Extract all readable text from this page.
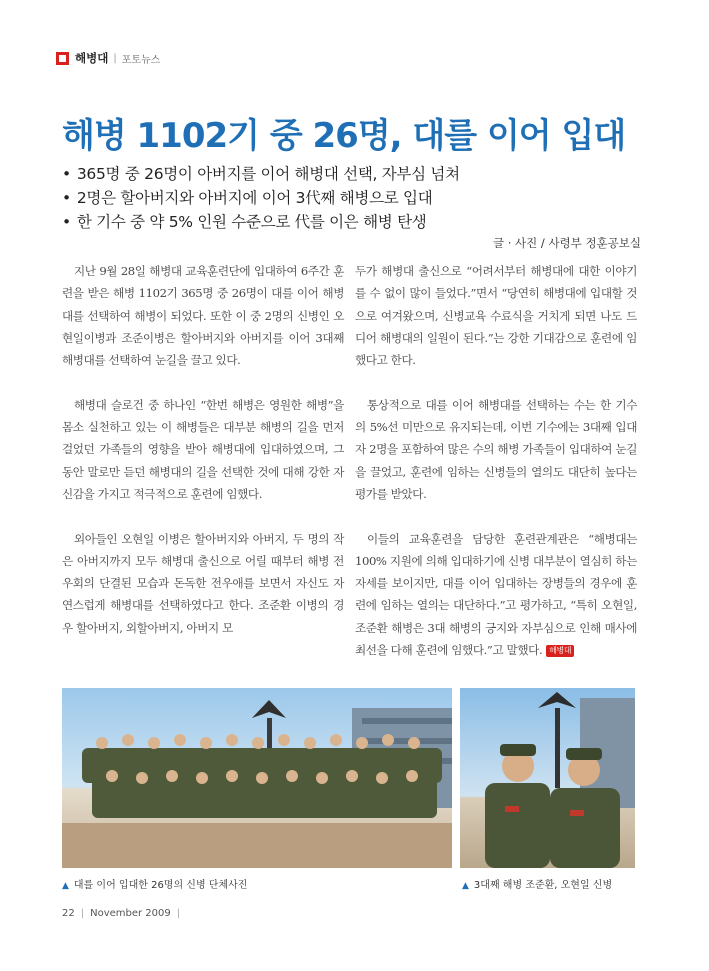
해병대 | 포토뉴스
해병 1102기 중 26명, 대를 이어 입대
• 365명 중 26명이 아버지를 이어 해병대 선택, 자부심 넘쳐
• 2명은 할아버지와 아버지에 이어 3代째 해병으로 입대
• 한 기수 중 약 5% 인원 수준으로 代를 이은 해병 탄생
글 · 사진 / 사령부 정훈공보실

지난 9월 28일 해병대 교육훈련단에 입대하여 6주간 훈련을 받은 해병 1102기 365명 중 26명이 대를 이어 해병대를 선택하여 해병이 되었다. 또한 이 중 2명의 신병인 오현일이병과 조준이병은 할아버지와 아버지를 이어 3대째 해병대를 선택하여 눈길을 끌고 있다.

해병대 슬로건 중 하나인 “한번 해병은 영원한 해병”을 몸소 실천하고 있는 이 해병들은 대부분 해병의 길을 먼저 걸었던 가족들의 영향을 받아 해병대에 입대하였으며, 그동안 말로만 듣던 해병대의 길을 선택한 것에 대해 강한 자신감을 가지고 적극적으로 훈련에 임했다.

외아들인 오현일 이병은 할아버지와 아버지, 두 명의 작은 아버지까지 모두 해병대 출신으로 어릴 때부터 해병 전우회의 단결된 모습과 돈독한 전우애를 보면서 자신도 자연스럽게 해병대를 선택하였다고 한다. 조준환 이병의 경우 할아버지, 외할아버지, 아버지 모

두가 해병대 출신으로 “어려서부터 해병대에 대한 이야기를 수 없이 많이 들었다.”면서 “당연히 해병대에 입대할 것으로 여겨왔으며, 신병교육 수료식을 거치게 되면 나도 드디어 해병대의 일원이 된다.”는 강한 기대감으로 훈련에 임했다고 한다.

통상적으로 대를 이어 해병대를 선택하는 수는 한 기수의 5%선 미만으로 유지되는데, 이번 기수에는 3대째 입대자 2명을 포함하여 많은 수의 해병 가족들이 입대하여 눈길을 끌었고, 훈련에 임하는 신병들의 열의도 대단히 높다는 평가를 받았다.

이들의 교육훈련을 담당한 훈련관계관은 “해병대는 100% 지원에 의해 입대하기에 신병 대부분이 열심히 하는 자세를 보이지만, 대를 이어 입대하는 장병들의 경우에 훈련에 임하는 열의는 대단하다.”고 평가하고, “특히 오현일, 조준환 해병은 3대 해병의 긍지와 자부심으로 인해 매사에 최선을 다해 훈련에 임했다.”고 말했다. 해병대

▲ 대를 이어 입대한 26명의 신병 단체사진	▲ 3대째 해병 조준환, 오현일 신병
22 | November 2009 |
